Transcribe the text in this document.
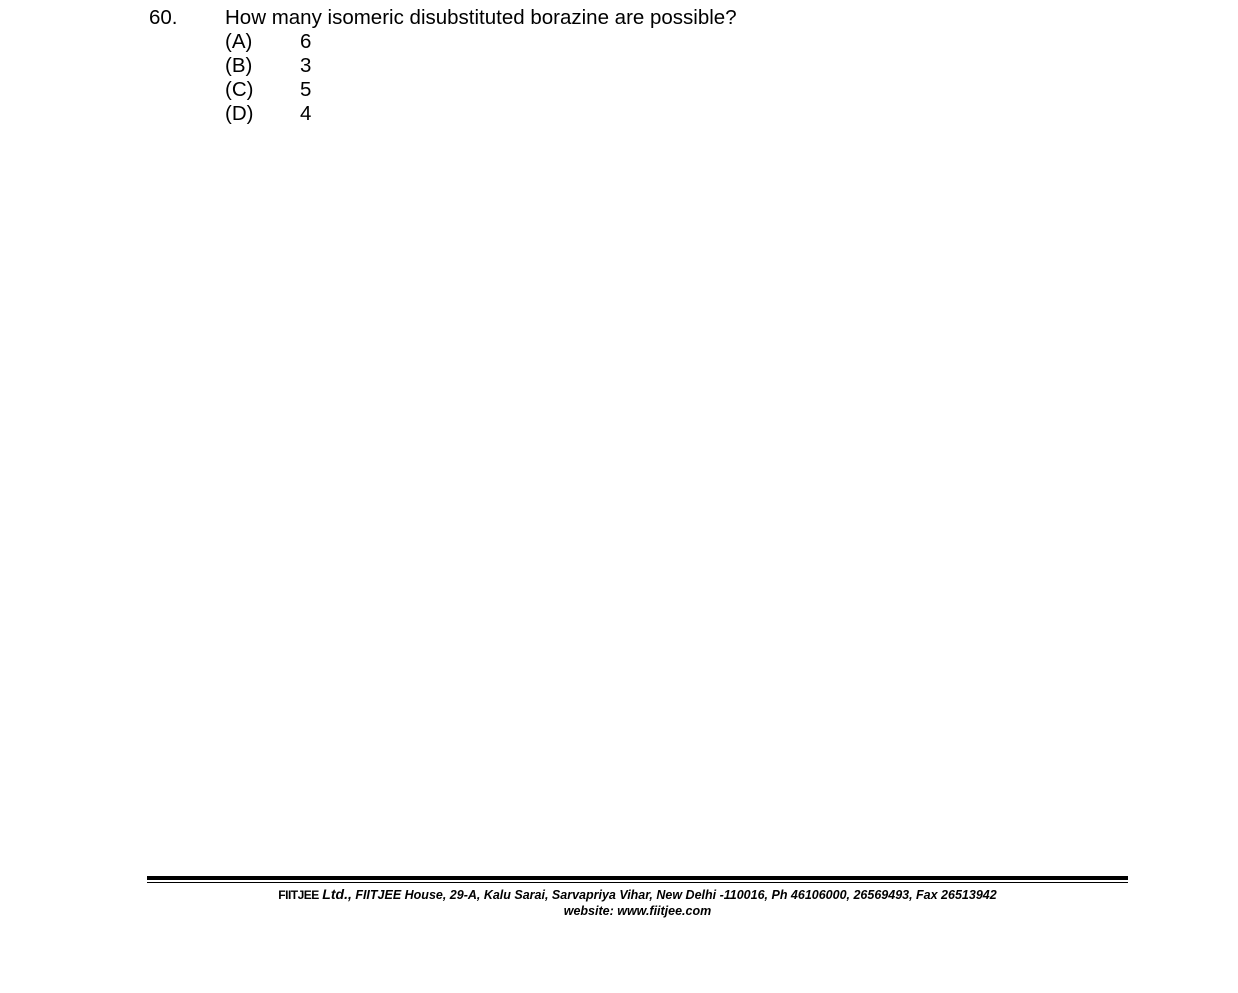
60. How many isomeric disubstituted borazine are possible?
(A) 6
(B) 3
(C) 5
(D) 4
FIITJEE Ltd., FIITJEE House, 29-A, Kalu Sarai, Sarvapriya Vihar, New Delhi -110016, Ph 46106000, 26569493, Fax 26513942
website: www.fiitjee.com
